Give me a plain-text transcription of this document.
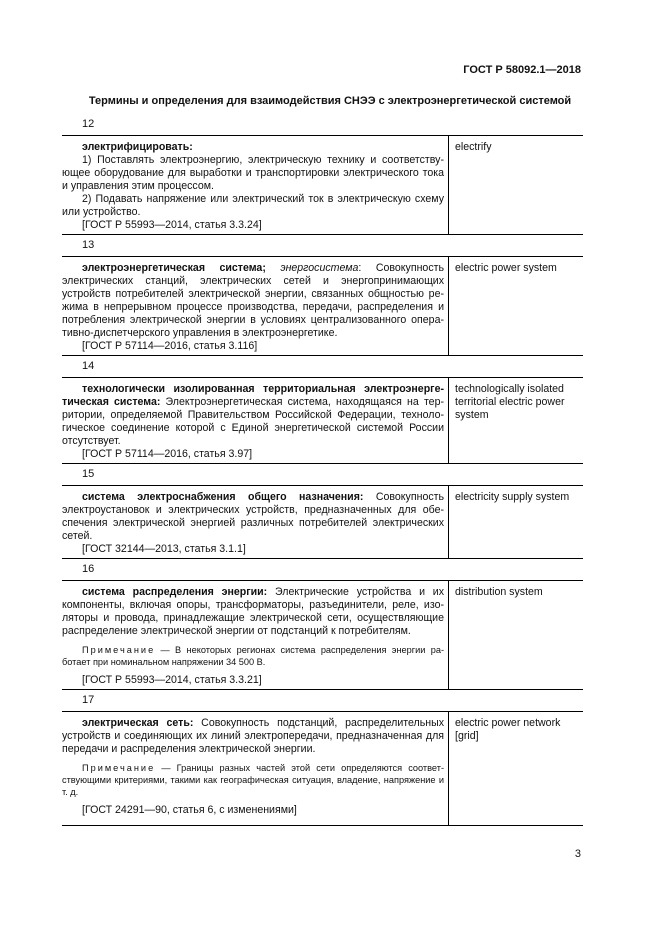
ГОСТ Р 58092.1—2018
Термины и определения для взаимодействия СНЭЭ с электроэнергетической системой
12

электрифицировать:

1) Поставлять электроэнергию, электрическую технику и соответствующее оборудование для выработки и транспортировки электрического тока и управления этим процессом.

2) Подавать напряжение или электрический ток в электрическую схему или устройство.

[ГОСТ Р 55993—2014, статья 3.3.24]

electrify
13

электроэнергетическая система; энергосистема: Совокупность электрических станций, электрических сетей и энергопринимающих устройств потребителей электрической энергии, связанных общностью режима в непрерывном процессе производства, передачи, распределения и потребления электрической энергии в условиях централизованного оперативно-диспетчерского управления в электроэнергетике.

[ГОСТ Р 57114—2016, статья 3.116]

electric power system
14

технологически изолированная территориальная электроэнергетическая система: Электроэнергетическая система, находящаяся на территории, определяемой Правительством Российской Федерации, технологическое соединение которой с Единой энергетической системой России отсутствует.

[ГОСТ Р 57114—2016, статья 3.97]

technologically isolated territorial electric power system
15

система электроснабжения общего назначения: Совокупность электроустановок и электрических устройств, предназначенных для обеспечения электрической энергией различных потребителей электрических сетей.

[ГОСТ 32144—2013, статья 3.1.1]

electricity supply system
16

система распределения энергии: Электрические устройства и их компоненты, включая опоры, трансформаторы, разъединители, реле, изоляторы и провода, принадлежащие электрической сети, осуществляющие распределение электрической энергии от подстанций к потребителям.

Примечание — В некоторых регионах система распределения энергии работает при номинальном напряжении 34 500 В.

[ГОСТ Р 55993—2014, статья 3.3.21]

distribution system
17

электрическая сеть: Совокупность подстанций, распределительных устройств и соединяющих их линий электропередачи, предназначенная для передачи и распределения электрической энергии.

Примечание — Границы разных частей этой сети определяются соответствующими критериями, такими как географическая ситуация, владение, напряжение и т. д.

[ГОСТ 24291—90, статья 6, с изменениями]

electric power network [grid]
3
